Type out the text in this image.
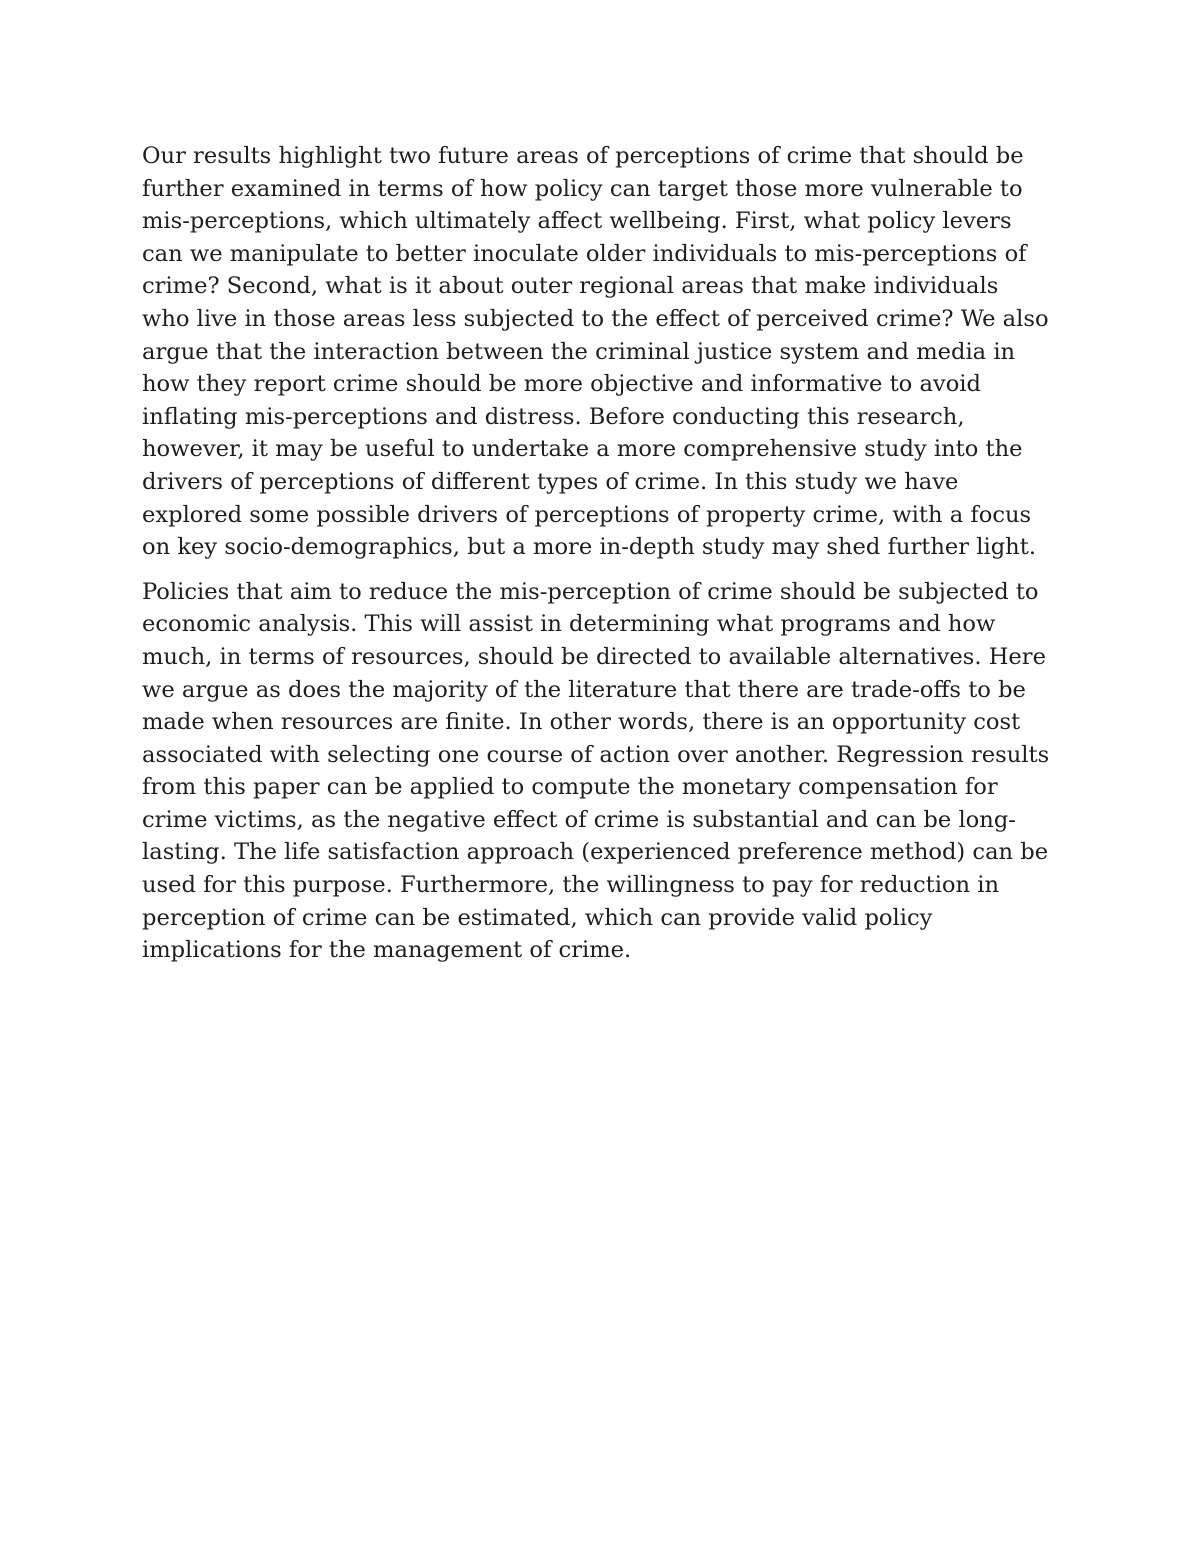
Our results highlight two future areas of perceptions of crime that should be
further examined in terms of how policy can target those more vulnerable to
mis-perceptions, which ultimately affect wellbeing. First, what policy levers
can we manipulate to better inoculate older individuals to mis-perceptions of
crime? Second, what is it about outer regional areas that make individuals
who live in those areas less subjected to the effect of perceived crime? We also
argue that the interaction between the criminal justice system and media in
how they report crime should be more objective and informative to avoid
inflating mis-perceptions and distress. Before conducting this research,
however, it may be useful to undertake a more comprehensive study into the
drivers of perceptions of different types of crime. In this study we have
explored some possible drivers of perceptions of property crime, with a focus
on key socio-demographics, but a more in-depth study may shed further light.

Policies that aim to reduce the mis-perception of crime should be subjected to
economic analysis. This will assist in determining what programs and how
much, in terms of resources, should be directed to available alternatives. Here
we argue as does the majority of the literature that there are trade-offs to be
made when resources are finite. In other words, there is an opportunity cost
associated with selecting one course of action over another. Regression results
from this paper can be applied to compute the monetary compensation for
crime victims, as the negative effect of crime is substantial and can be long-
lasting. The life satisfaction approach (experienced preference method) can be
used for this purpose. Furthermore, the willingness to pay for reduction in
perception of crime can be estimated, which can provide valid policy
implications for the management of crime.
